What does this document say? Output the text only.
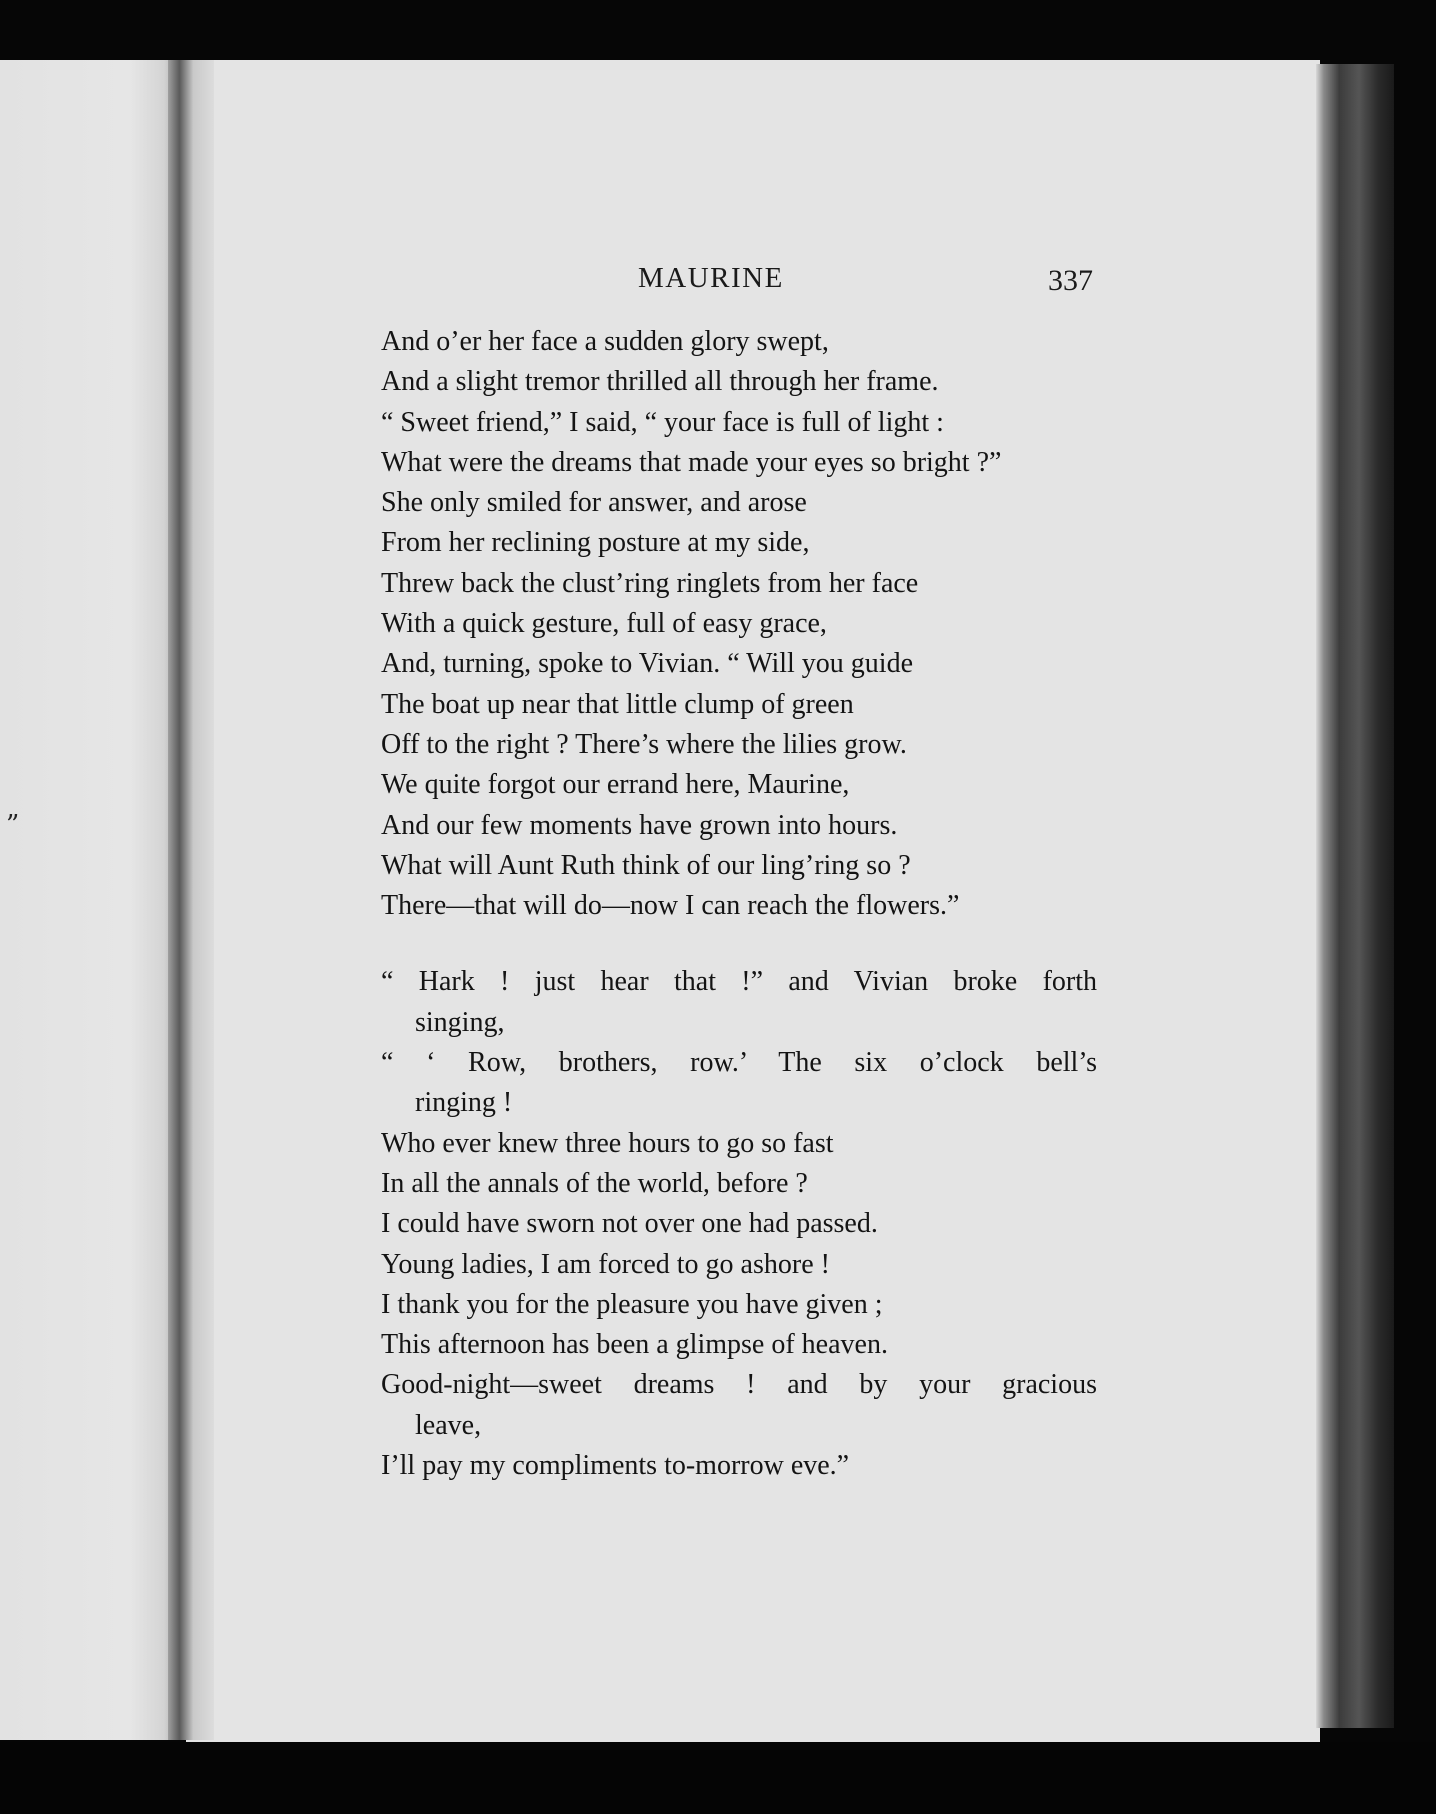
”
MAURINE	337
And o’er her face a sudden glory swept,
And a slight tremor thrilled all through her frame.
“ Sweet friend,” I said, “ your face is full of light :
What were the dreams that made your eyes so bright ?”
She only smiled for answer, and arose
From her reclining posture at my side,
Threw back the clust’ring ringlets from her face
With a quick gesture, full of easy grace,
And, turning, spoke to Vivian. “ Will you guide
The boat up near that little clump of green
Off to the right ? There’s where the lilies grow.
We quite forgot our errand here, Maurine,
And our few moments have grown into hours.
What will Aunt Ruth think of our ling’ring so ?
There—that will do—now I can reach the flowers.”
“ Hark ! just hear that !” and Vivian broke forth
singing,
“ ‘ Row, brothers, row.’ The six o’clock bell’s
ringing !
Who ever knew three hours to go so fast
In all the annals of the world, before ?
I could have sworn not over one had passed.
Young ladies, I am forced to go ashore !
I thank you for the pleasure you have given ;
This afternoon has been a glimpse of heaven.
Good-night—sweet dreams ! and by your gracious
leave,
I’ll pay my compliments to-morrow eve.”
